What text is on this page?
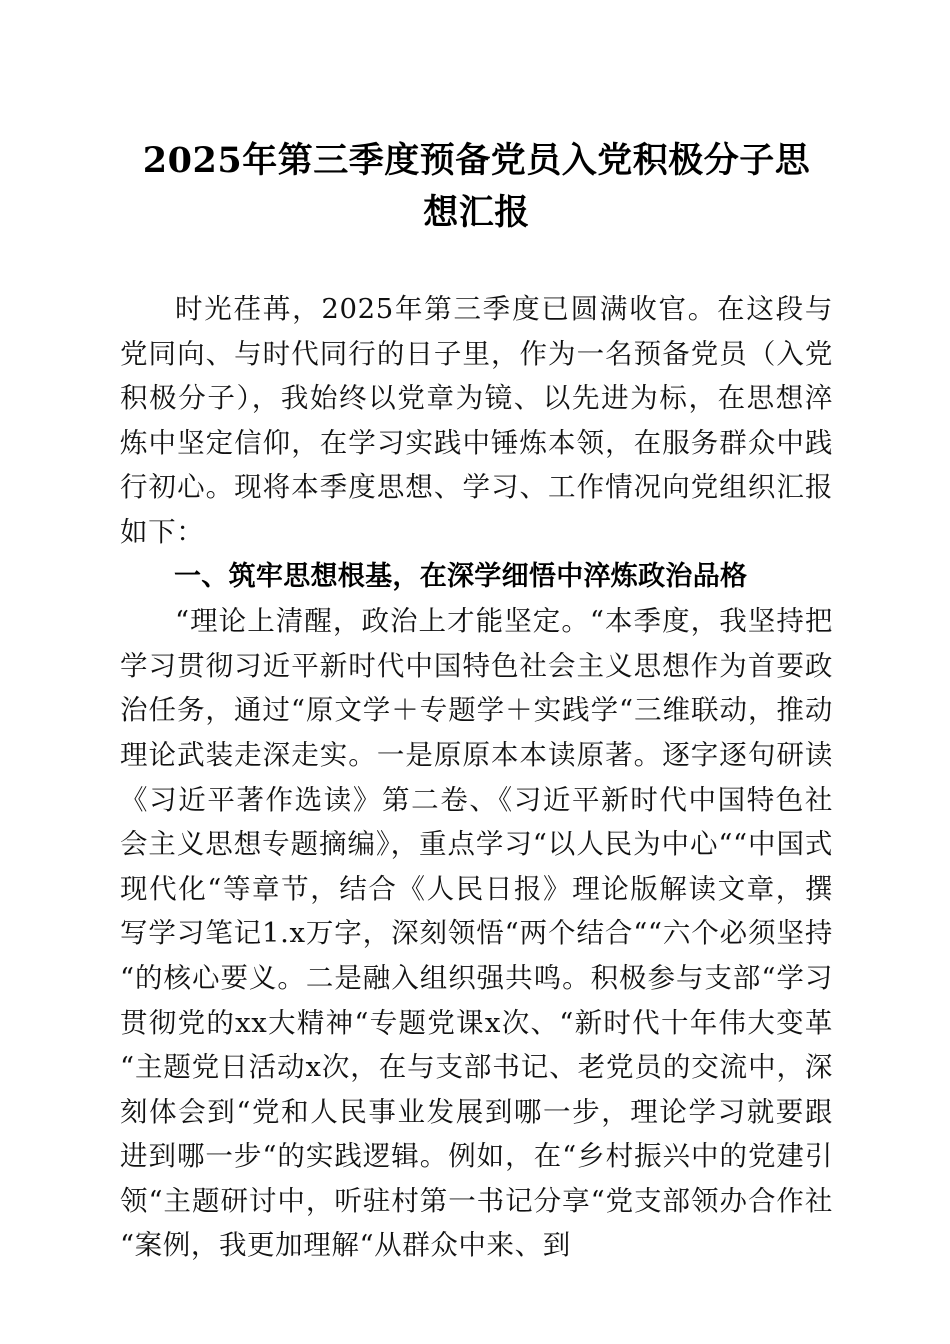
2025年第三季度预备党员入党积极分子思想汇报

时光荏苒，2025年第三季度已圆满收官。在这段与党同向、与时代同行的日子里，作为一名预备党员（入党积极分子），我始终以党章为镜、以先进为标，在思想淬炼中坚定信仰，在学习实践中锤炼本领，在服务群众中践行初心。现将本季度思想、学习、工作情况向党组织汇报如下：

一、筑牢思想根基，在深学细悟中淬炼政治品格

“理论上清醒，政治上才能坚定。“本季度，我坚持把学习贯彻习近平新时代中国特色社会主义思想作为首要政治任务，通过“原文学＋专题学＋实践学“三维联动，推动理论武装走深走实。一是原原本本读原著。逐字逐句研读《习近平著作选读》第二卷、《习近平新时代中国特色社会主义思想专题摘编》，重点学习“以人民为中心““中国式现代化“等章节，结合《人民日报》理论版解读文章，撰写学习笔记1.x万字，深刻领悟“两个结合““六个必须坚持“的核心要义。二是融入组织强共鸣。积极参与支部“学习贯彻党的xx大精神“专题党课x次、“新时代十年伟大变革“主题党日活动x次，在与支部书记、老党员的交流中，深刻体会到“党和人民事业发展到哪一步，理论学习就要跟进到哪一步“的实践逻辑。例如，在“乡村振兴中的党建引领“主题研讨中，听驻村第一书记分享“党支部领办合作社“案例，我更加理解“从群众中来、到
